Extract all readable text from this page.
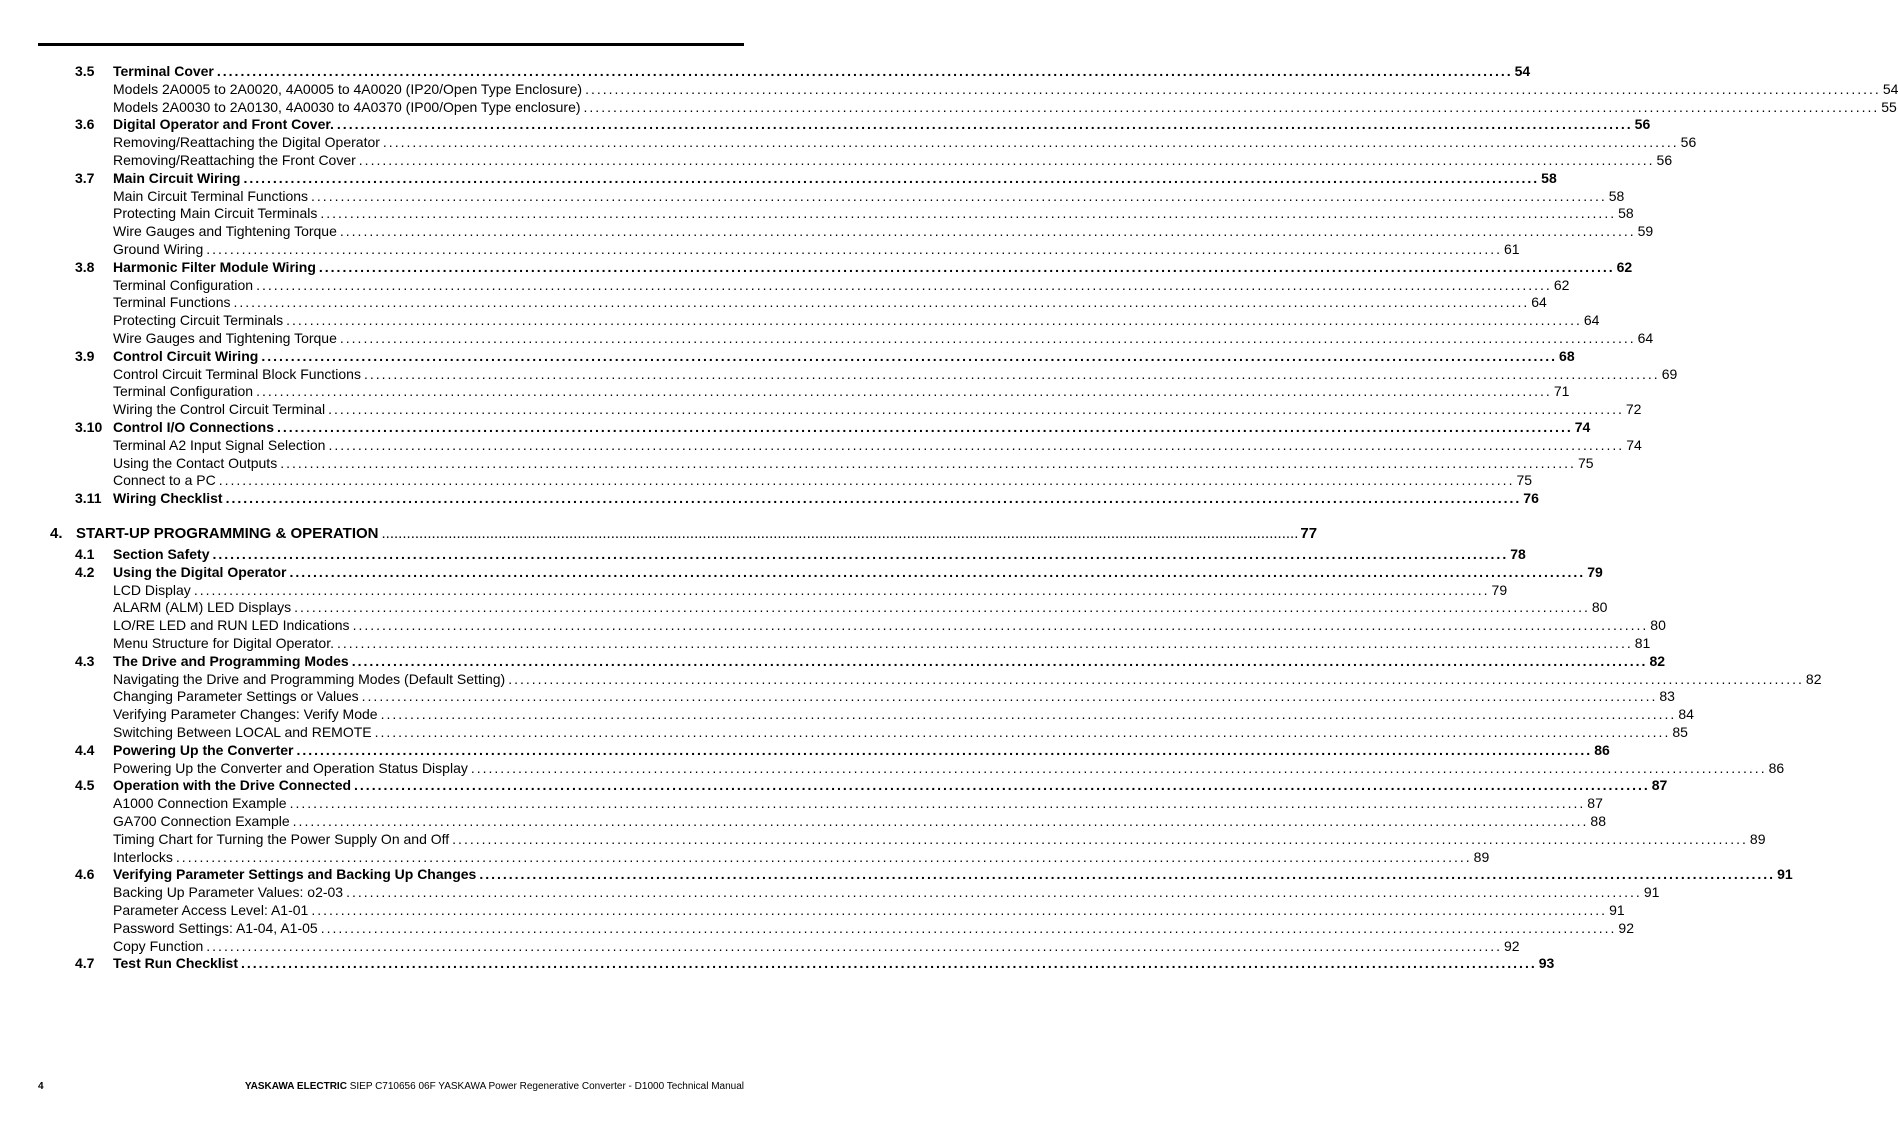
3.5 Terminal Cover ............................................................................................................................................................................................................................ 54
Models 2A0005 to 2A0020, 4A0005 to 4A0020 (IP20/Open Type Enclosure) ............................................................................................................................................................................................................................ 54
Models 2A0030 to 2A0130, 4A0030 to 4A0370 (IP00/Open Type enclosure) ............................................................................................................................................................................................................................ 55
3.6 Digital Operator and Front Cover. ............................................................................................................................................................................................................................ 56
Removing/Reattaching the Digital Operator ............................................................................................................................................................................................................................ 56
Removing/Reattaching the Front Cover ............................................................................................................................................................................................................................ 56
3.7 Main Circuit Wiring ............................................................................................................................................................................................................................ 58
Main Circuit Terminal Functions ............................................................................................................................................................................................................................ 58
Protecting Main Circuit Terminals ............................................................................................................................................................................................................................ 58
Wire Gauges and Tightening Torque ............................................................................................................................................................................................................................ 59
Ground Wiring ............................................................................................................................................................................................................................ 61
3.8 Harmonic Filter Module Wiring ............................................................................................................................................................................................................................ 62
Terminal Configuration ............................................................................................................................................................................................................................ 62
Terminal Functions ............................................................................................................................................................................................................................ 64
Protecting Circuit Terminals ............................................................................................................................................................................................................................ 64
Wire Gauges and Tightening Torque ............................................................................................................................................................................................................................ 64
3.9 Control Circuit Wiring ............................................................................................................................................................................................................................ 68
Control Circuit Terminal Block Functions ............................................................................................................................................................................................................................ 69
Terminal Configuration ............................................................................................................................................................................................................................ 71
Wiring the Control Circuit Terminal ............................................................................................................................................................................................................................ 72
3.10 Control I/O Connections ............................................................................................................................................................................................................................ 74
Terminal A2 Input Signal Selection ............................................................................................................................................................................................................................ 74
Using the Contact Outputs ............................................................................................................................................................................................................................ 75
Connect to a PC ............................................................................................................................................................................................................................ 75
3.11 Wiring Checklist ............................................................................................................................................................................................................................ 76
4. START-UP PROGRAMMING & OPERATION ............................................................................................................................................................................................................................ 77
4.1 Section Safety ............................................................................................................................................................................................................................ 78
4.2 Using the Digital Operator ............................................................................................................................................................................................................................ 79
LCD Display ............................................................................................................................................................................................................................ 79
ALARM (ALM) LED Displays ............................................................................................................................................................................................................................ 80
LO/RE LED and RUN LED Indications ............................................................................................................................................................................................................................ 80
Menu Structure for Digital Operator. ............................................................................................................................................................................................................................ 81
4.3 The Drive and Programming Modes ............................................................................................................................................................................................................................ 82
Navigating the Drive and Programming Modes (Default Setting) ............................................................................................................................................................................................................................ 82
Changing Parameter Settings or Values ............................................................................................................................................................................................................................ 83
Verifying Parameter Changes: Verify Mode ............................................................................................................................................................................................................................ 84
Switching Between LOCAL and REMOTE ............................................................................................................................................................................................................................ 85
4.4 Powering Up the Converter ............................................................................................................................................................................................................................ 86
Powering Up the Converter and Operation Status Display ............................................................................................................................................................................................................................ 86
4.5 Operation with the Drive Connected ............................................................................................................................................................................................................................ 87
A1000 Connection Example ............................................................................................................................................................................................................................ 87
GA700 Connection Example ............................................................................................................................................................................................................................ 88
Timing Chart for Turning the Power Supply On and Off ............................................................................................................................................................................................................................ 89
Interlocks ............................................................................................................................................................................................................................ 89
4.6 Verifying Parameter Settings and Backing Up Changes ............................................................................................................................................................................................................................ 91
Backing Up Parameter Values: o2-03 ............................................................................................................................................................................................................................ 91
Parameter Access Level: A1-01 ............................................................................................................................................................................................................................ 91
Password Settings: A1-04, A1-05 ............................................................................................................................................................................................................................ 92
Copy Function ............................................................................................................................................................................................................................ 92
4.7 Test Run Checklist ............................................................................................................................................................................................................................ 93
4	YASKAWA ELECTRIC SIEP C710656 06F YASKAWA Power Regenerative Converter - D1000 Technical Manual
